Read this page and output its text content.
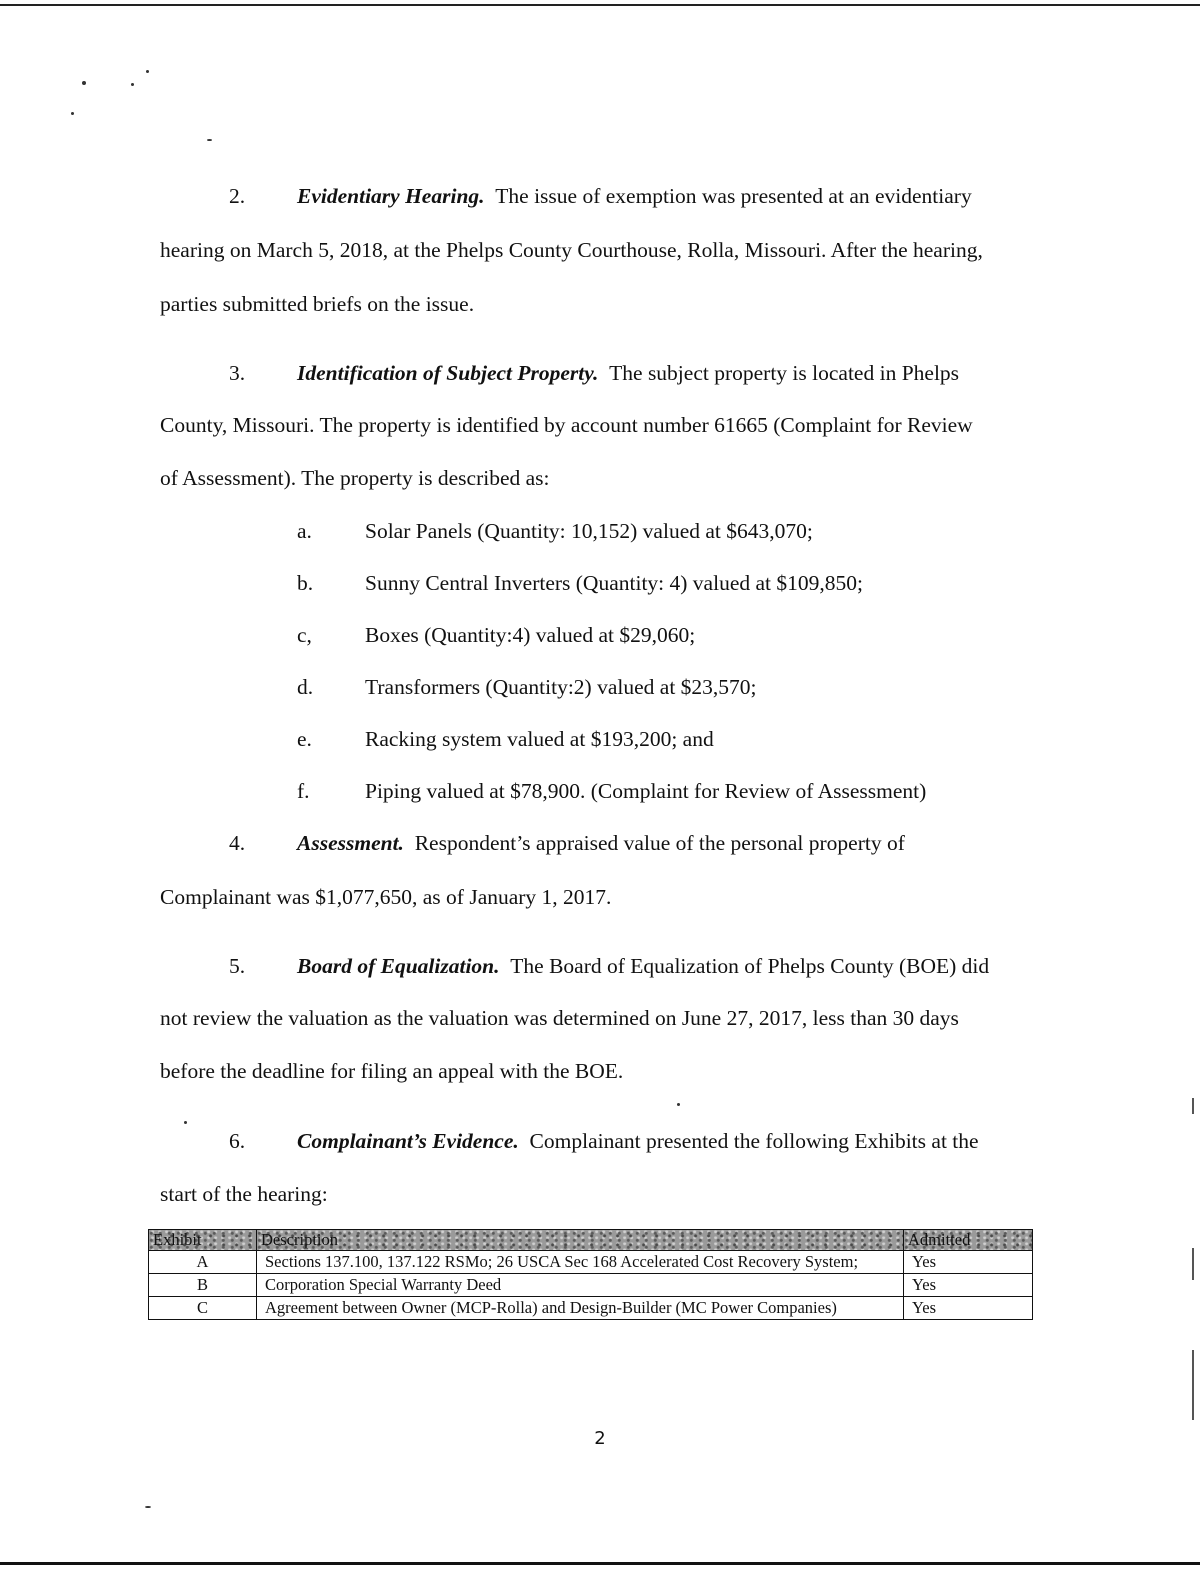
2. Evidentiary Hearing. The issue of exemption was presented at an evidentiary
hearing on March 5, 2018, at the Phelps County Courthouse, Rolla, Missouri. After the hearing,
parties submitted briefs on the issue.
3. Identification of Subject Property. The subject property is located in Phelps
County, Missouri. The property is identified by account number 61665 (Complaint for Review
of Assessment). The property is described as:
a. Solar Panels (Quantity: 10,152) valued at $643,070;
b. Sunny Central Inverters (Quantity: 4) valued at $109,850;
c, Boxes (Quantity:4) valued at $29,060;
d. Transformers (Quantity:2) valued at $23,570;
e. Racking system valued at $193,200; and
f.	Piping valued at $78,900. (Complaint for Review of Assessment)
4. Assessment. Respondent’s appraised value of the personal property of
Complainant was $1,077,650, as of January 1, 2017.
5. Board of Equalization. The Board of Equalization of Phelps County (BOE) did
not review the valuation as the valuation was determined on June 27, 2017, less than 30 days
before the deadline for filing an appeal with the BOE.
6. Complainant’s Evidence. Complainant presented the following Exhibits at the
start of the hearing:
Exhibit	Description	Admitted
A	Sections 137.100, 137.122 RSMo; 26 USCA Sec 168 Accelerated Cost Recovery System;	Yes
B	Corporation Special Warranty Deed	Yes
C	Agreement between Owner (MCP-Rolla) and Design-Builder (MC Power Companies)	Yes
2
